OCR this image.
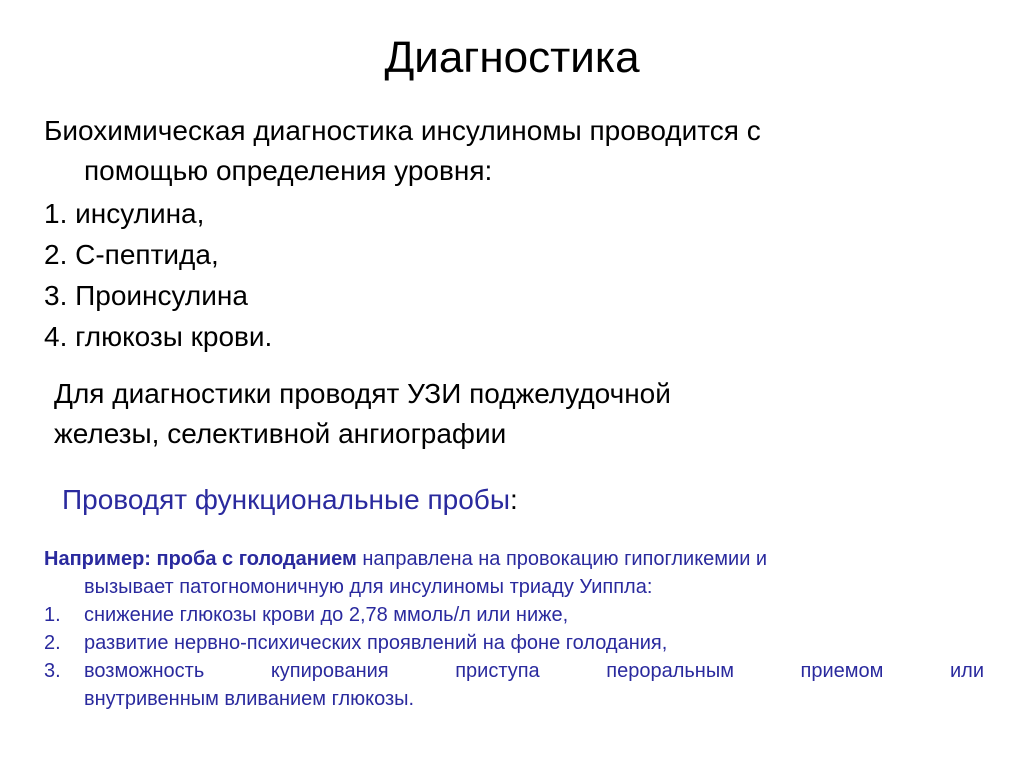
Диагностика
Биохимическая диагностика инсулиномы проводится с
помощью определения уровня:
1. инсулина,
2. С-пептида,
3. Проинсулина
4. глюкозы крови.
Для диагностики проводят УЗИ поджелудочной
железы, селективной ангиографии
Проводят функциональные пробы:
Например: проба с голоданием направлена на провокацию гипогликемии и
вызывает патогномоничную для инсулиномы триаду Уиппла:
1. снижение глюкозы крови до 2,78 ммоль/л или ниже,
2. развитие нервно-психических проявлений на фоне голодания,
3. возможность купирования приступа пероральным приемом или
внутривенным вливанием глюкозы.
